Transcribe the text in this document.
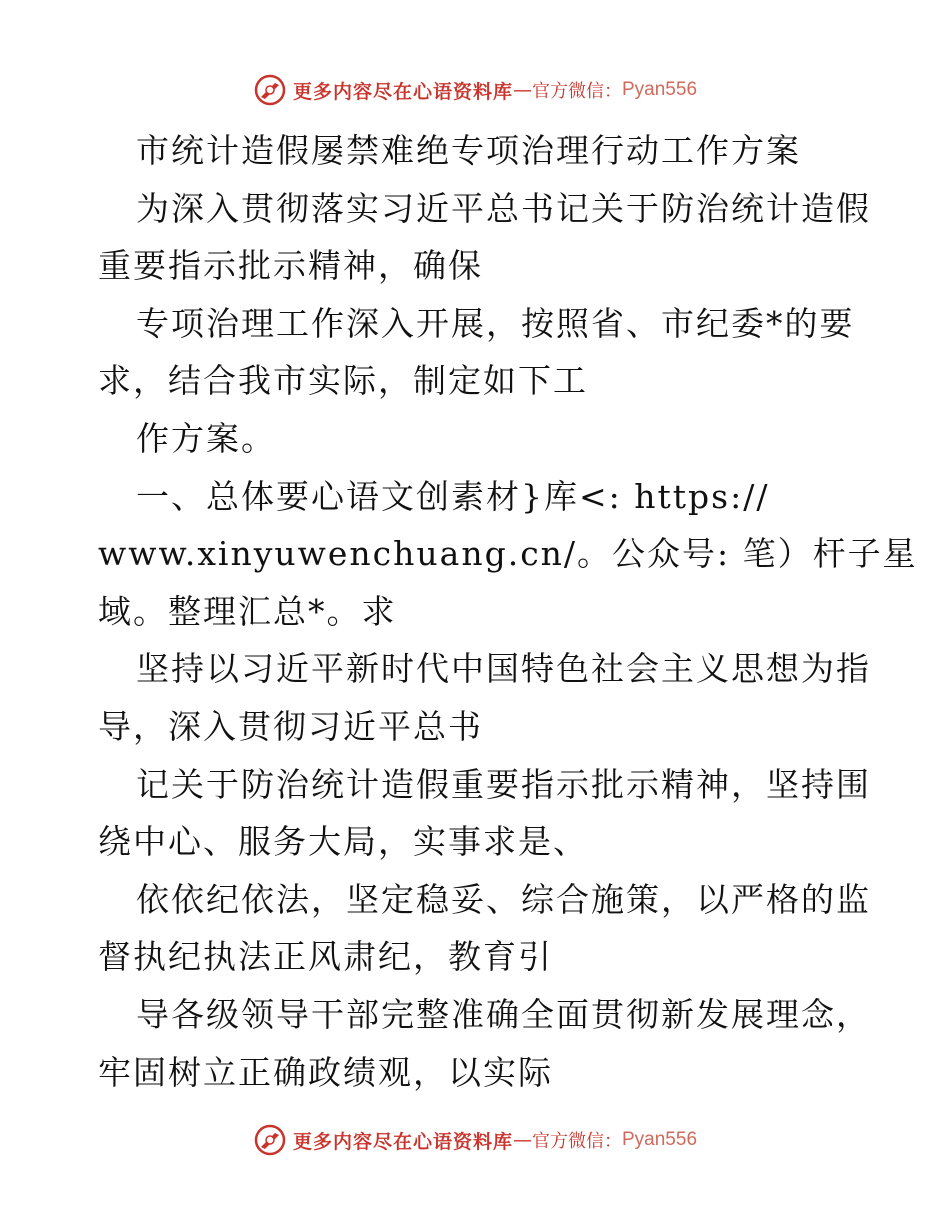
更多内容尽在心语资料库 — 官方微信： Pyan556
市统计造假屡禁难绝专项治理行动工作方案
为深入贯彻落实习近平总书记关于防治统计造假
重要指示批示精神，确保
专项治理工作深入开展，按照省、市纪委*的要
求，结合我市实际，制定如下工
作方案。
一、总体要心语文创素材}库<: https://
www.xinyuwenchuang.cn/。公众号: 笔）杆子星
域。整理汇总*。求
坚持以习近平新时代中国特色社会主义思想为指
导，深入贯彻习近平总书
记关于防治统计造假重要指示批示精神，坚持围
绕中心、服务大局，实事求是、
依依纪依法，坚定稳妥、综合施策，以严格的监
督执纪执法正风肃纪，教育引
导各级领导干部完整准确全面贯彻新发展理念，
牢固树立正确政绩观，以实际
更多内容尽在心语资料库 — 官方微信： Pyan556
